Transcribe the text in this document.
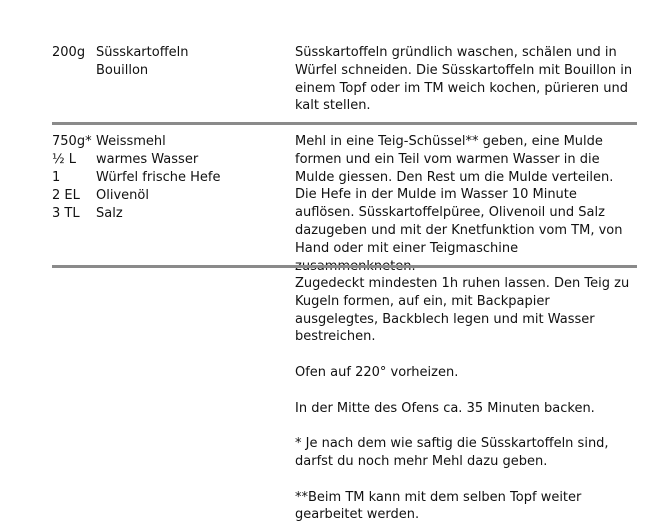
200g Süsskartoffeln
Bouillon

Süsskartoffeln gründlich waschen, schälen und in Würfel schneiden. Die Süsskartoffeln mit Bouillon in einem Topf oder im TM weich kochen, pürieren und kalt stellen.

750g* Weissmehl
½ L warmes Wasser
1	Würfel frische Hefe
2 EL Olivenöl
3 TL Salz

Mehl in eine Teig-Schüssel** geben, eine Mulde formen und ein Teil vom warmen Wasser in die Mulde giessen. Den Rest um die Mulde verteilen. Die Hefe in der Mulde im Wasser 10 Minute auflösen. Süsskartoffelpüree, Olivenoil und Salz dazugeben und mit der Knetfunktion vom TM, von Hand oder mit einer Teigmaschine

Zugedeckt mindesten 1h ruhen lassen. Den Teig zu Kugeln formen, auf ein, mit Backpapier ausgelegtes, Backblech legen und mit Wasser bestreichen.

Ofen auf 220° vorheizen.

In der Mitte des Ofens ca. 35 Minuten backen.

* Je nach dem wie saftig die Süsskartoffeln sind, darfst du noch mehr Mehl dazu geben.

**Beim TM kann mit dem selben Topf weiter gearbeitet werden.
